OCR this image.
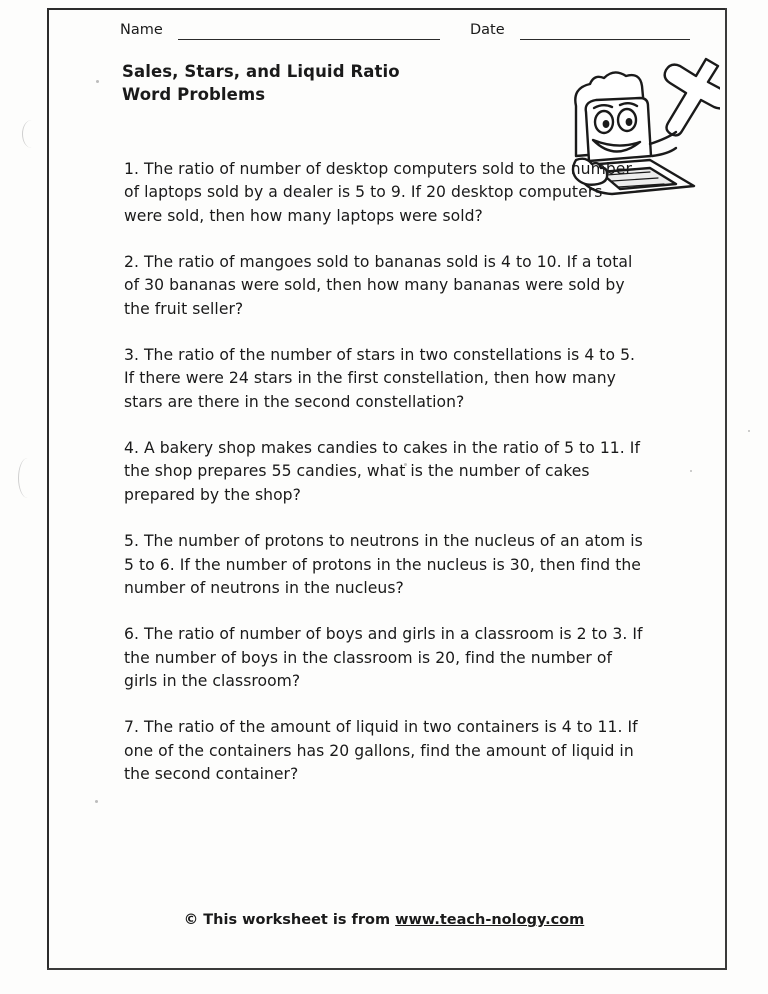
Name	Date
Sales, Stars, and Liquid Ratio
Word Problems

1. The ratio of number of desktop computers sold to the number of laptops sold by a dealer is 5 to 9. If 20 desktop computers were sold, then how many laptops were sold?

2. The ratio of mangoes sold to bananas sold is 4 to 10. If a total of 30 bananas were sold, then how many bananas were sold by the fruit seller?

3. The ratio of the number of stars in two constellations is 4 to 5. If there were 24 stars in the first constellation, then how many stars are there in the second constellation?

4. A bakery shop makes candies to cakes in the ratio of 5 to 11. If the shop prepares 55 candies, what is the number of cakes prepared by the shop?

5. The number of protons to neutrons in the nucleus of an atom is 5 to 6. If the number of protons in the nucleus is 30, then find the number of neutrons in the nucleus?

6. The ratio of number of boys and girls in a classroom is 2 to 3. If the number of boys in the classroom is 20, find the number of girls in the classroom?

7. The ratio of the amount of liquid in two containers is 4 to 11. If one of the containers has 20 gallons, find the amount of liquid in the second container?

© This worksheet is from www.teach-nology.com
